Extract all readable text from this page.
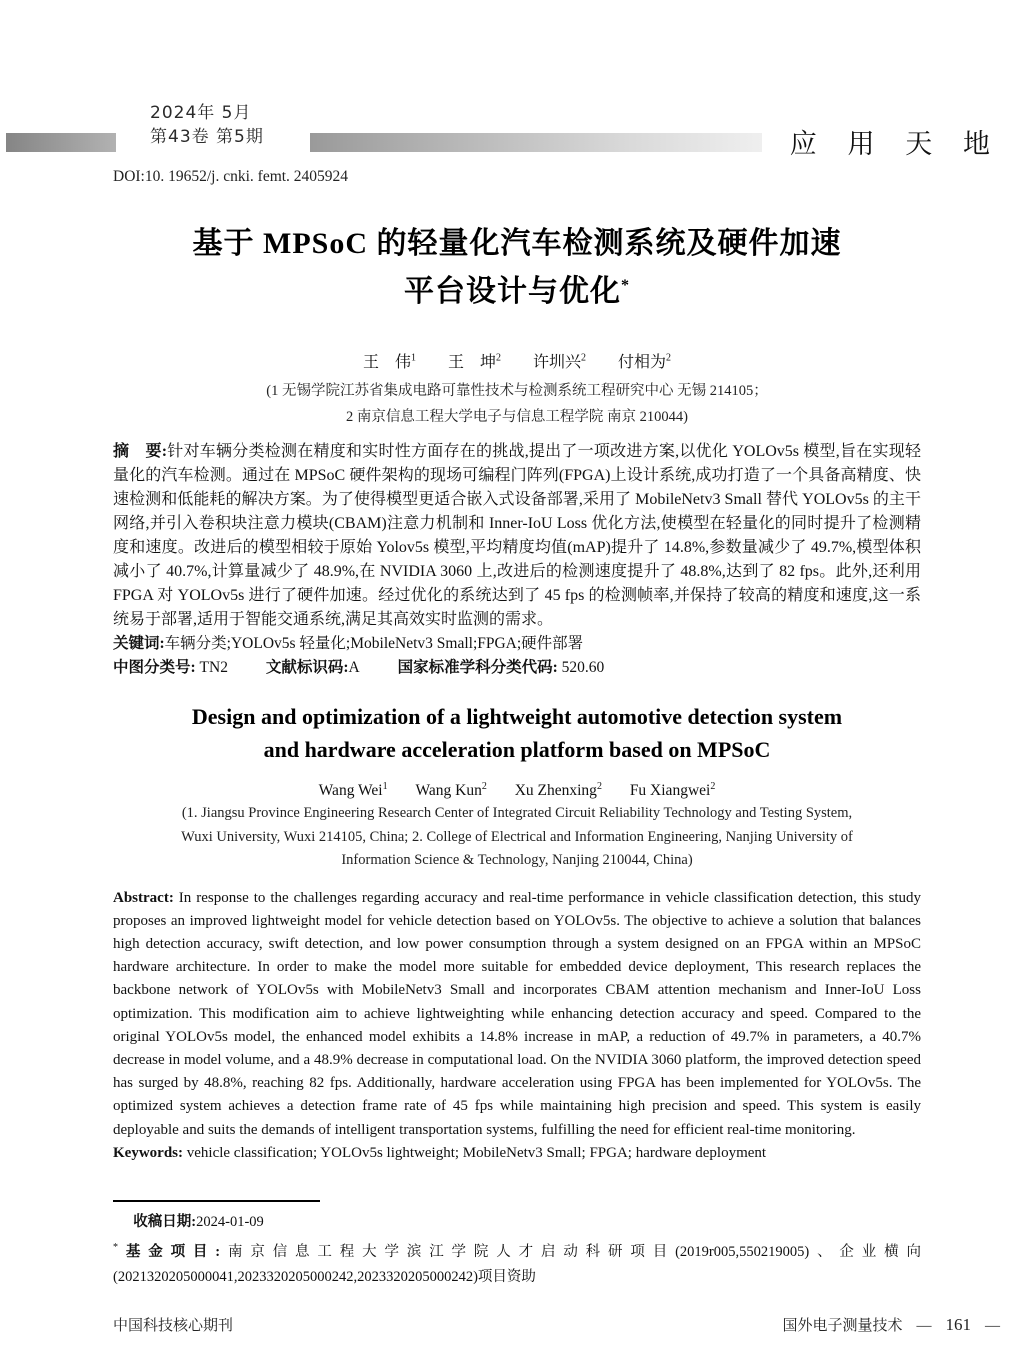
2024年 5月
第43卷 第5期	应 用 天 地
DOI:10. 19652/j. cnki. femt. 2405924
基于 MPSoC 的轻量化汽车检测系统及硬件加速
平台设计与优化*
王　伟$^1$ 王　坤$^2$ 许圳兴$^2$ 付相为$^2$
(1 无锡学院江苏省集成电路可靠性技术与检测系统工程研究中心 无锡 214105；
2 南京信息工程大学电子与信息工程学院 南京 210044)

摘　要:针对车辆分类检测在精度和实时性方面存在的挑战,提出了一项改进方案,以优化 YOLOv5s 模型,旨在实现轻量化的汽车检测。通过在 MPSoC 硬件架构的现场可编程门阵列(FPGA)上设计系统,成功打造了一个具备高精度、快速检测和低能耗的解决方案。为了使得模型更适合嵌入式设备部署,采用了 MobileNetv3 Small 替代 YOLOv5s 的主干网络,并引入卷积块注意力模块(CBAM)注意力机制和 Inner-IoU Loss 优化方法,使模型在轻量化的同时提升了检测精度和速度。改进后的模型相较于原始 Yolov5s 模型,平均精度均值(mAP)提升了 14.8%,参数量减少了 49.7%,模型体积减小了 40.7%,计算量减少了 48.9%,在 NVIDIA 3060 上,改进后的检测速度提升了 48.8%,达到了 82 fps。此外,还利用 FPGA 对 YOLOv5s 进行了硬件加速。经过优化的系统达到了 45 fps 的检测帧率,并保持了较高的精度和速度,这一系统易于部署,适用于智能交通系统,满足其高效实时监测的需求。

关键词:车辆分类;YOLOv5s 轻量化;MobileNetv3 Small;FPGA;硬件部署

中图分类号: TN2 文献标识码:A 国家标准学科分类代码: 520.60

Design and optimization of a lightweight automotive detection system
and hardware acceleration platform based on MPSoC
Wang Wei$^1$ Wang Kun$^2$ Xu Zhenxing$^2$ Fu Xiangwei$^2$
(1. Jiangsu Province Engineering Research Center of Integrated Circuit Reliability Technology and Testing System,
Wuxi University, Wuxi 214105, China; 2. College of Electrical and Information Engineering, Nanjing University of
Information Science & Technology, Nanjing 210044, China)

Abstract: In response to the challenges regarding accuracy and real-time performance in vehicle classification detection, this study proposes an improved lightweight model for vehicle detection based on YOLOv5s. The objective to achieve a solution that balances high detection accuracy, swift detection, and low power consumption through a system designed on an FPGA within an MPSoC hardware architecture. In order to make the model more suitable for embedded device deployment, This research replaces the backbone network of YOLOv5s with MobileNetv3 Small and incorporates CBAM attention mechanism and Inner-IoU Loss optimization. This modification aim to achieve lightweighting while enhancing detection accuracy and speed. Compared to the original YOLOv5s model, the enhanced model exhibits a 14.8% increase in mAP, a reduction of 49.7% in parameters, a 40.7% decrease in model volume, and a 48.9% decrease in computational load. On the NVIDIA 3060 platform, the improved detection speed has surged by 48.8%, reaching 82 fps. Additionally, hardware acceleration using FPGA has been implemented for YOLOv5s. The optimized system achieves a detection frame rate of 45 fps while maintaining high precision and speed. This system is easily deployable and suits the demands of intelligent transportation systems, fulfilling the need for efficient real-time monitoring.

Keywords: vehicle classification; YOLOv5s lightweight; MobileNetv3 Small; FPGA; hardware deployment

收稿日期:2024-01-09

*基金项目:南京信息工程大学滨江学院人才启动科研项目(2019r005,550219005)、企业横向(2021320205000041,2023320205000242,2023320205000242)项目资助

中国科技核心期刊	国外电子测量技术 — 161 —
